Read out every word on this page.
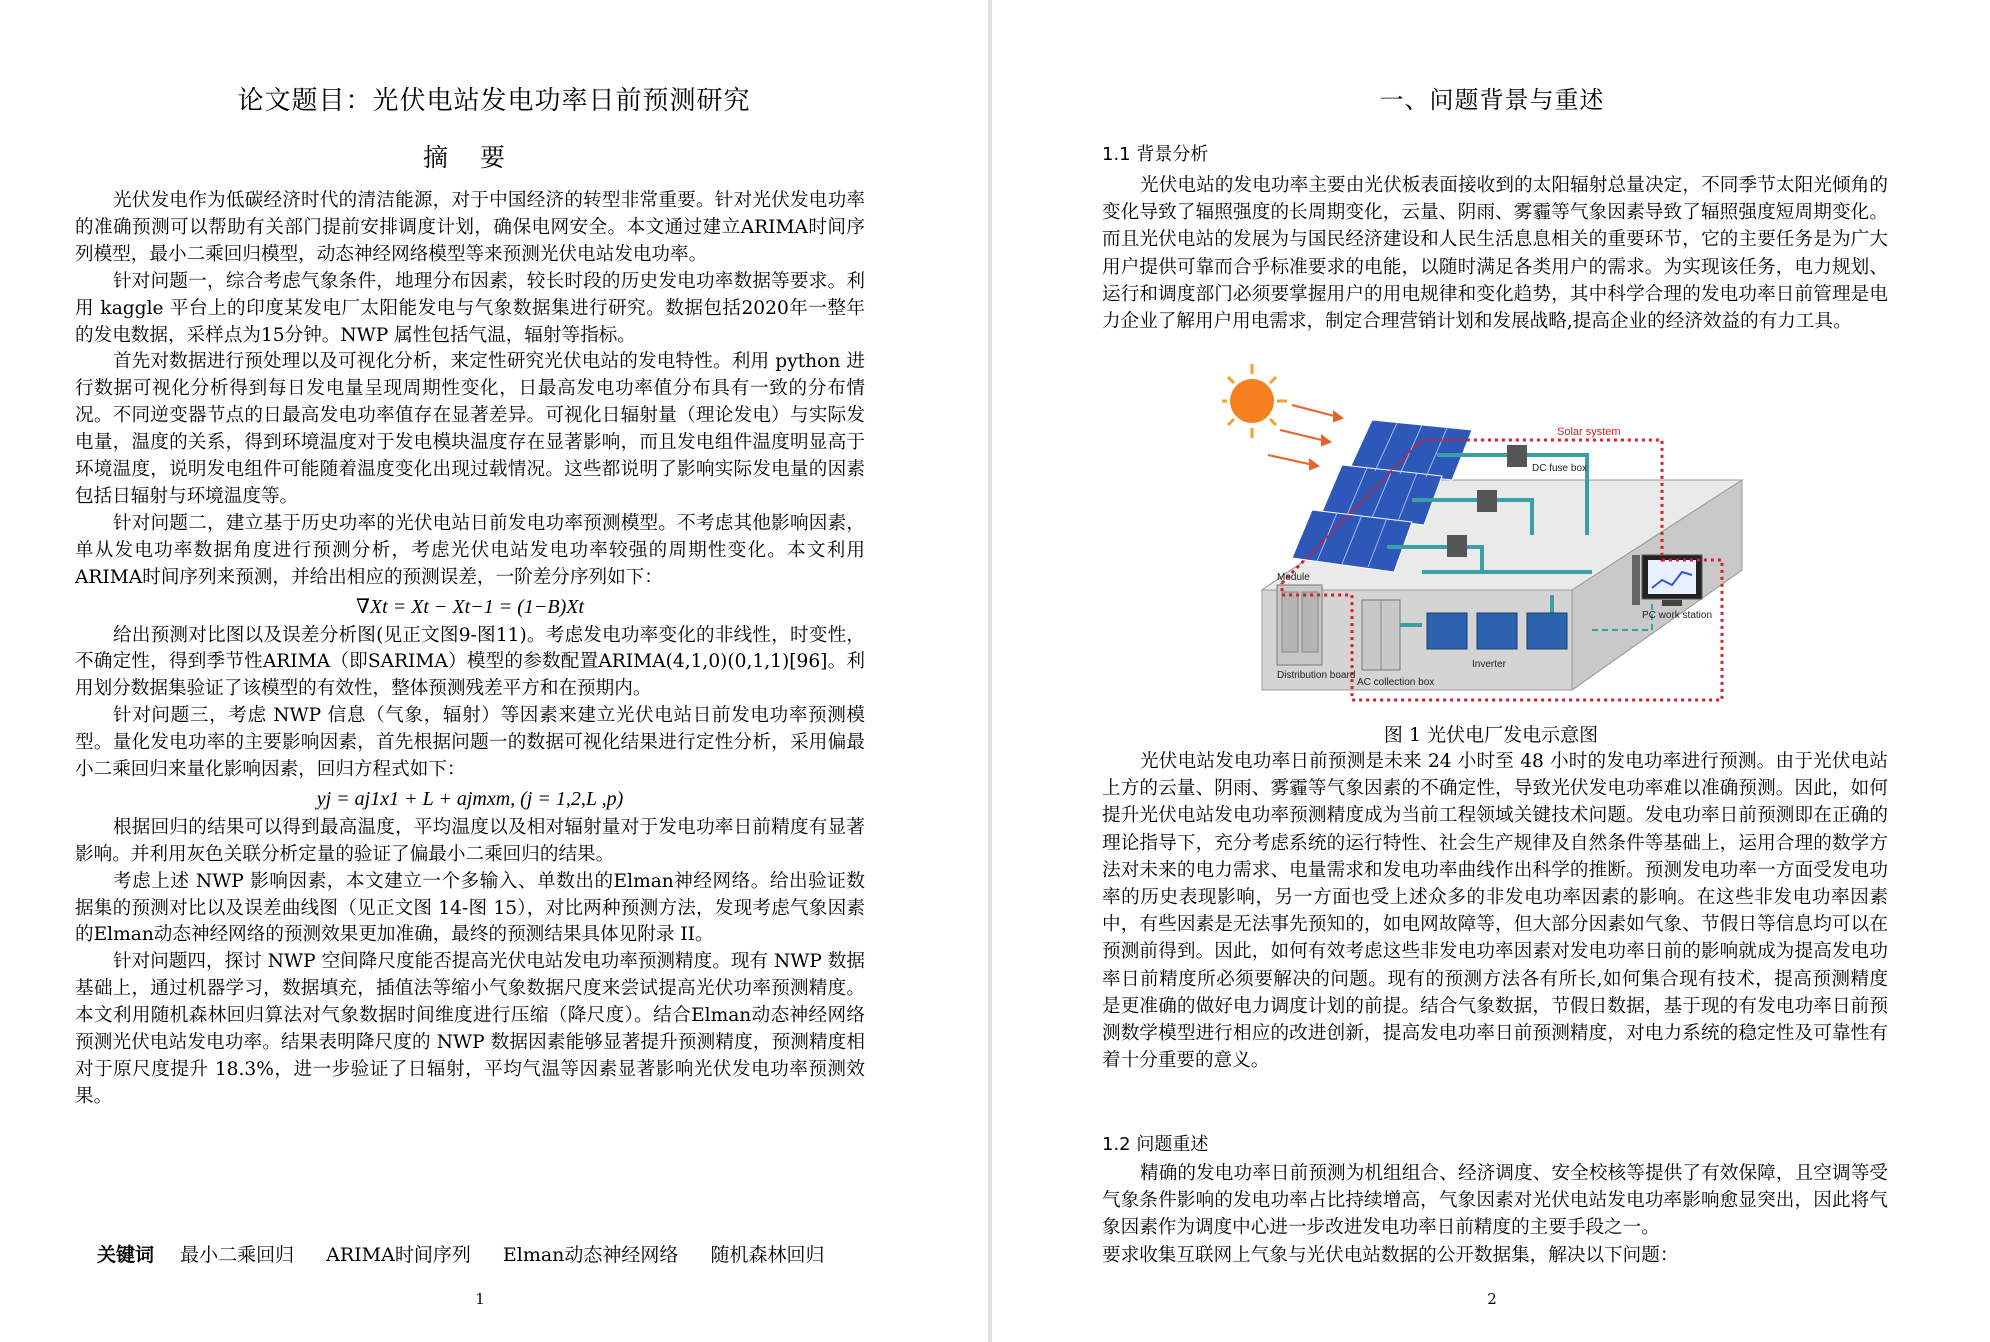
论文题目：光伏电站发电功率日前预测研究
摘 要

光伏发电作为低碳经济时代的清洁能源，对于中国经济的转型非常重要。针对光伏发电功率的准确预测可以帮助有关部门提前安排调度计划，确保电网安全。本文通过建立ARIMA时间序列模型，最小二乘回归模型，动态神经网络模型等来预测光伏电站发电功率。

针对问题一，综合考虑气象条件，地理分布因素，较长时段的历史发电功率数据等要求。利用 kaggle 平台上的印度某发电厂太阳能发电与气象数据集进行研究。数据包括2020年一整年的发电数据，采样点为15分钟。NWP 属性包括气温，辐射等指标。

首先对数据进行预处理以及可视化分析，来定性研究光伏电站的发电特性。利用 python 进行数据可视化分析得到每日发电量呈现周期性变化，日最高发电功率值分布具有一致的分布情况。不同逆变器节点的日最高发电功率值存在显著差异。可视化日辐射量（理论发电）与实际发电量，温度的关系，得到环境温度对于发电模块温度存在显著影响，而且发电组件温度明显高于环境温度，说明发电组件可能随着温度变化出现过载情况。这些都说明了影响实际发电量的因素包括日辐射与环境温度等。

针对问题二，建立基于历史功率的光伏电站日前发电功率预测模型。不考虑其他影响因素，单从发电功率数据角度进行预测分析，考虑光伏电站发电功率较强的周期性变化。本文利用ARIMA时间序列来预测，并给出相应的预测误差，一阶差分序列如下：

∇Xt = Xt − Xt−1 = (1−B)Xt

给出预测对比图以及误差分析图(见正文图9-图11)。考虑发电功率变化的非线性，时变性，不确定性，得到季节性ARIMA（即SARIMA）模型的参数配置ARIMA(4,1,0)(0,1,1)[96]。利用划分数据集验证了该模型的有效性，整体预测残差平方和在预期内。

针对问题三，考虑 NWP 信息（气象，辐射）等因素来建立光伏电站日前发电功率预测模型。量化发电功率的主要影响因素，首先根据问题一的数据可视化结果进行定性分析，采用偏最小二乘回归来量化影响因素，回归方程式如下：

yj = aj1x1 + L + ajmxm, (j = 1,2,L ,p)

根据回归的结果可以得到最高温度，平均温度以及相对辐射量对于发电功率日前精度有显著影响。并利用灰色关联分析定量的验证了偏最小二乘回归的结果。

考虑上述 NWP 影响因素，本文建立一个多输入、单数出的Elman神经网络。给出验证数据集的预测对比以及误差曲线图（见正文图 14-图 15），对比两种预测方法，发现考虑气象因素的Elman动态神经网络的预测效果更加准确，最终的预测结果具体见附录 II。

针对问题四，探讨 NWP 空间降尺度能否提高光伏电站发电功率预测精度。现有 NWP 数据基础上，通过机器学习，数据填充，插值法等缩小气象数据尺度来尝试提高光伏功率预测精度。本文利用随机森林回归算法对气象数据时间维度进行压缩（降尺度）。结合Elman动态神经网络预测光伏电站发电功率。结果表明降尺度的 NWP 数据因素能够显著提升预测精度，预测精度相对于原尺度提升 18.3%，进一步验证了日辐射，平均气温等因素显著影响光伏发电功率预测效果。

关键词 最小二乘回归 ARIMA时间序列 Elman动态神经网络 随机森林回归
1
一、问题背景与重述
1.1 背景分析

光伏电站的发电功率主要由光伏板表面接收到的太阳辐射总量决定，不同季节太阳光倾角的变化导致了辐照强度的长周期变化，云量、阴雨、雾霾等气象因素导致了辐照强度短周期变化。而且光伏电站的发展为与国民经济建设和人民生活息息相关的重要环节，它的主要任务是为广大用户提供可靠而合乎标准要求的电能，以随时满足各类用户的需求。为实现该任务，电力规划、运行和调度部门必须要掌握用户的用电规律和变化趋势，其中科学合理的发电功率日前管理是电力企业了解用户用电需求，制定合理营销计划和发展战略,提高企业的经济效益的有力工具。

Solar system
DC fuse box
Module
PC work station
Distribution board
AC collection box
Inverter
图 1 光伏电厂发电示意图

光伏电站发电功率日前预测是未来 24 小时至 48 小时的发电功率进行预测。由于光伏电站上方的云量、阴雨、雾霾等气象因素的不确定性，导致光伏发电功率难以准确预测。因此，如何提升光伏电站发电功率预测精度成为当前工程领域关键技术问题。发电功率日前预测即在正确的理论指导下，充分考虑系统的运行特性、社会生产规律及自然条件等基础上，运用合理的数学方法对未来的电力需求、电量需求和发电功率曲线作出科学的推断。预测发电功率一方面受发电功率的历史表现影响，另一方面也受上述众多的非发电功率因素的影响。在这些非发电功率因素中，有些因素是无法事先预知的，如电网故障等，但大部分因素如气象、节假日等信息均可以在预测前得到。因此，如何有效考虑这些非发电功率因素对发电功率日前的影响就成为提高发电功率日前精度所必须要解决的问题。现有的预测方法各有所长,如何集合现有技术，提高预测精度是更准确的做好电力调度计划的前提。结合气象数据，节假日数据，基于现的有发电功率日前预测数学模型进行相应的改进创新，提高发电功率日前预测精度，对电力系统的稳定性及可靠性有着十分重要的意义。

1.2 问题重述

精确的发电功率日前预测为机组组合、经济调度、安全校核等提供了有效保障，且空调等受气象条件影响的发电功率占比持续增高，气象因素对光伏电站发电功率影响愈显突出，因此将气象因素作为调度中心进一步改进发电功率日前精度的主要手段之一。

要求收集互联网上气象与光伏电站数据的公开数据集，解决以下问题：

2
